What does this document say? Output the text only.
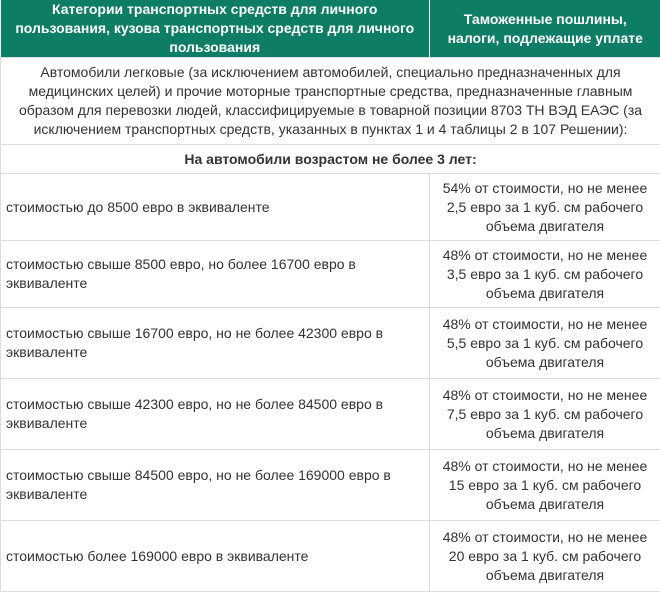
Категории транспортных средств для личного пользования, кузова транспортных средств для личного пользования	Таможенные пошлины, налоги, подлежащие уплате
Автомобили легковые (за исключением автомобилей, специально предназначенных для медицинских целей) и прочие моторные транспортные средства, предназначенные главным образом для перевозки людей, классифицируемые в товарной позиции 8703 ТН ВЭД ЕАЭС (за исключением транспортных средств, указанных в пунктах 1 и 4 таблицы 2 в 107 Решении):	
На автомобили возрастом не более 3 лет:	
стоимостью до 8500 евро в эквиваленте	54% от стоимости, но не менее 2,5 евро за 1 куб. см рабочего объема двигателя
стоимостью свыше 8500 евро, но более 16700 евро в эквиваленте	48% от стоимости, но не менее 3,5 евро за 1 куб. см рабочего объема двигателя
стоимостью свыше 16700 евро, но не более 42300 евро в эквиваленте	48% от стоимости, но не менее 5,5 евро за 1 куб. см рабочего объема двигателя
стоимостью свыше 42300 евро, но не более 84500 евро в эквиваленте	48% от стоимости, но не менее 7,5 евро за 1 куб. см рабочего объема двигателя
стоимостью свыше 84500 евро, но не более 169000 евро в эквиваленте	48% от стоимости, но не менее 15 евро за 1 куб. см рабочего объема двигателя
стоимостью более 169000 евро в эквиваленте	48% от стоимости, но не менее 20 евро за 1 куб. см рабочего объема двигателя
